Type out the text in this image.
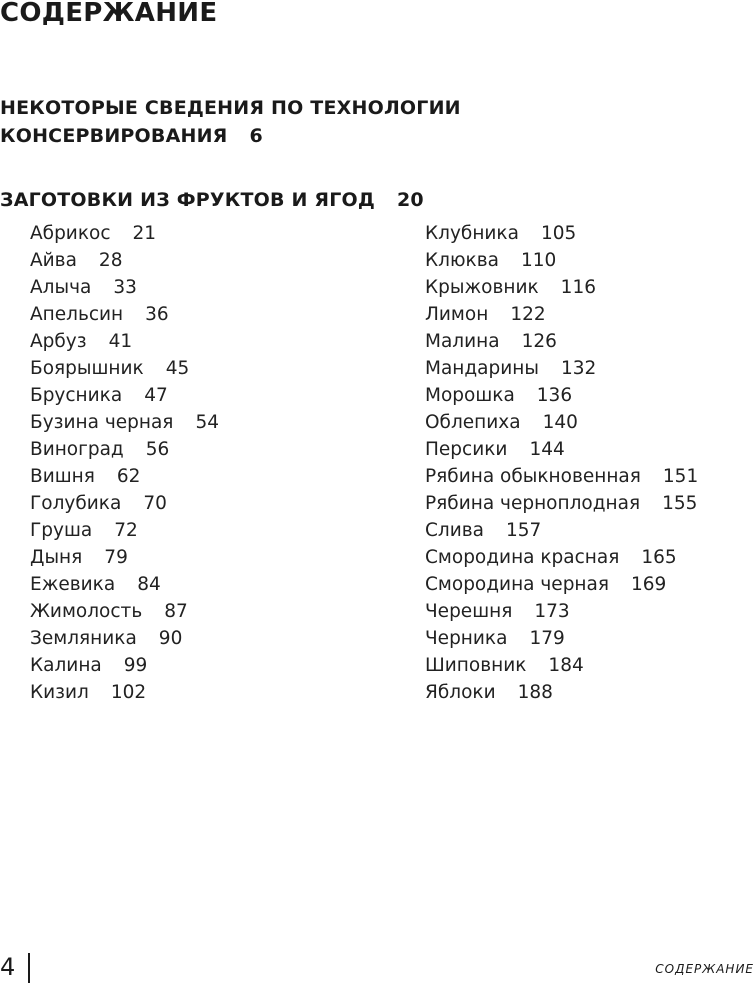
СОДЕРЖАНИЕ
НЕКОТОРЫЕ СВЕДЕНИЯ ПО ТЕХНОЛОГИИ
КОНСЕРВИРОВАНИЯ 6
ЗАГОТОВКИ ИЗ ФРУКТОВ И ЯГОД 20
Абрикос 21
Айва 28
Алыча 33
Апельсин 36
Арбуз 41
Боярышник 45
Брусника 47
Бузина черная 54
Виноград 56
Вишня 62
Голубика 70
Груша 72
Дыня 79
Ежевика 84
Жимолость 87
Земляника 90
Калина 99
Кизил 102
Клубника 105
Клюква 110
Крыжовник 116
Лимон 122
Малина 126
Мандарины 132
Морошка 136
Облепиха 140
Персики 144
Рябина обыкновенная 151
Рябина черноплодная 155
Слива 157
Смородина красная 165
Смородина черная 169
Черешня 173
Черника 179
Шиповник 184
Яблоки 188
4	СОДЕРЖАНИЕ
